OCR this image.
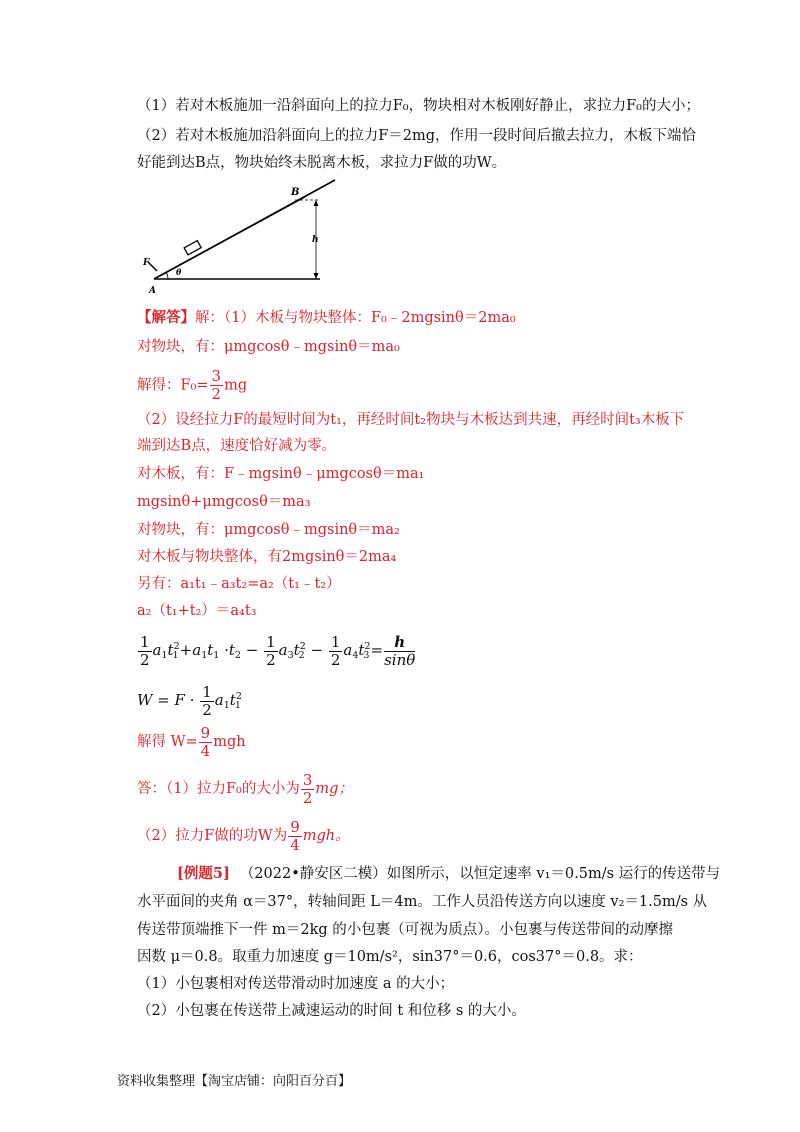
（1）若对木板施加一沿斜面向上的拉力F₀，物块相对木板刚好静止，求拉力F₀的大小；
（2）若对木板施加沿斜面向上的拉力F＝2mg，作用一段时间后撤去拉力，木板下端恰
好能到达B点，物块始终未脱离木板，求拉力F做的功W。
B
h
F
A
θ
【解答】解：（1）木板与物块整体：F₀﹣2mgsinθ＝2ma₀
对物块，有：μmgcosθ﹣mgsinθ＝ma₀
解得：$F_0= \frac{3}{2}$ mg
（2）设经拉力F的最短时间为t₁，再经时间t₂物块与木板达到共速，再经时间t₃木板下
端到达B点，速度恰好减为零。
对木板，有：F﹣mgsinθ﹣μmgcosθ＝ma₁
mgsinθ+μmgcosθ＝ma₃
对物块，有：μmgcosθ﹣mgsinθ＝ma₂
对木板与物块整体，有2mgsinθ＝2ma₄
另有：a₁t₁﹣a₃t₂=a₂（t₁﹣t₂）
a₂（t₁+t₂）＝a₄t₃
$\frac{1}{2} a_1t_1^2+a_1t_1 \cdot t_2 - \frac{1}{2} a_3t_2^2 - \frac{1}{2} a_4t_3^2= \frac{h}{\sin\theta}$
$W = F \cdot \frac{1}{2} a_1t_1^2$
解得 $W= \frac{9}{4}$ mgh
答：（1）拉力F₀的大小为 $\frac{3}{2}$ mg；
（2）拉力F做的功W为 $\frac{9}{4}$ mgh。
[例题5] （2022•静安区二模）如图所示，以恒定速率 v₁＝0.5m/s 运行的传送带与
水平面间的夹角 α＝37°，转轴间距 L＝4m。工作人员沿传送方向以速度 v₂＝1.5m/s 从
传送带顶端推下一件 m＝2kg 的小包裹（可视为质点）。小包裹与传送带间的动摩擦
因数 μ＝0.8。取重力加速度 g＝10m/s²，sin37°＝0.6，cos37°＝0.8。求：
（1）小包裹相对传送带滑动时加速度 a 的大小；
（2）小包裹在传送带上减速运动的时间 t 和位移 s 的大小。
资料收集整理【淘宝店铺：向阳百分百】
